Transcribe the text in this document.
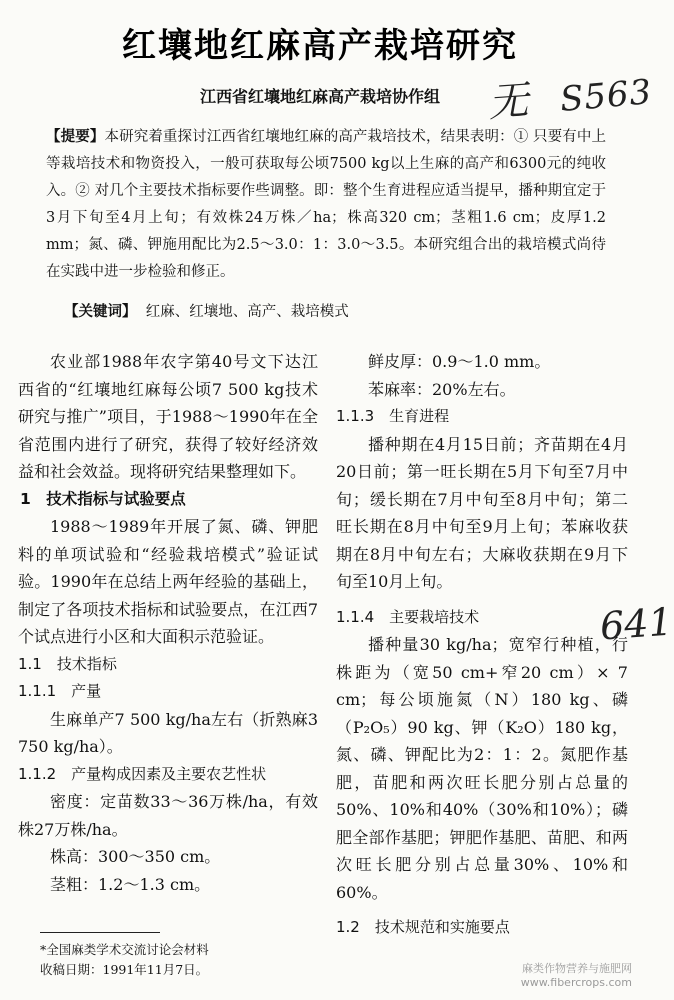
红壤地红麻高产栽培研究
江西省红壤地红麻高产栽培协作组	无 S563
641
【提要】本研究着重探讨江西省红壤地红麻的高产栽培技术，结果表明：① 只要有中上等栽培技术和物资投入，一般可获取每公顷7500 kg以上生麻的高产和6300元的纯收入。② 对几个主要技术指标要作些调整。即：整个生育进程应适当提早，播种期宜定于3月下旬至4月上旬；有效株24万株／ha；株高320 cm；茎粗1.6 cm；皮厚1.2 mm；氮、磷、钾施用配比为2.5～3.0：1：3.0～3.5。本研究组合出的栽培模式尚待在实践中进一步检验和修正。
【关键词】 红麻、红壤地、高产、栽培模式

农业部1988年农字第40号文下达江西省的“红壤地红麻每公顷7 500 kg技术研究与推广”项目，于1988～1990年在全省范围内进行了研究，获得了较好经济效益和社会效益。现将研究结果整理如下。

1　技术指标与试验要点

1988～1989年开展了氮、磷、钾肥料的单项试验和“经验栽培模式”验证试验。1990年在总结上两年经验的基础上，制定了各项技术指标和试验要点，在江西7个试点进行小区和大面积示范验证。

1.1　技术指标

1.1.1　产量

生麻单产7 500 kg/ha左右（折熟麻3 750 kg/ha）。

1.1.2　产量构成因素及主要农艺性状

密度：定苗数33～36万株/ha，有效株27万株/ha。

株高：300～350 cm。

茎粗：1.2～1.3 cm。

鲜皮厚：0.9～1.0 mm。

苯麻率：20%左右。

1.1.3　生育进程

播种期在4月15日前；齐苗期在4月20日前；第一旺长期在5月下旬至7月中旬；缓长期在7月中旬至8月中旬；第二旺长期在8月中旬至9月上旬；苯麻收获期在8月中旬左右；大麻收获期在9月下旬至10月上旬。

1.1.4　主要栽培技术

播种量30 kg/ha；宽窄行种植，行株距为（宽50 cm+窄20 cm）× 7 cm；每公顷施氮（N）180 kg、磷（P₂O₅）90 kg、钾（K₂O）180 kg，氮、磷、钾配比为2：1：2。氮肥作基肥，苗肥和两次旺长肥分别占总量的50%、10%和40%（30%和10%）；磷肥全部作基肥；钾肥作基肥、苗肥、和两次旺长肥分别占总量30%、10%和60%。

1.2　技术规范和实施要点

*全国麻类学术交流讨论会材料
收稿日期：1991年11月7日。	麻类作物营养与施肥网
www.fibercrops.com
